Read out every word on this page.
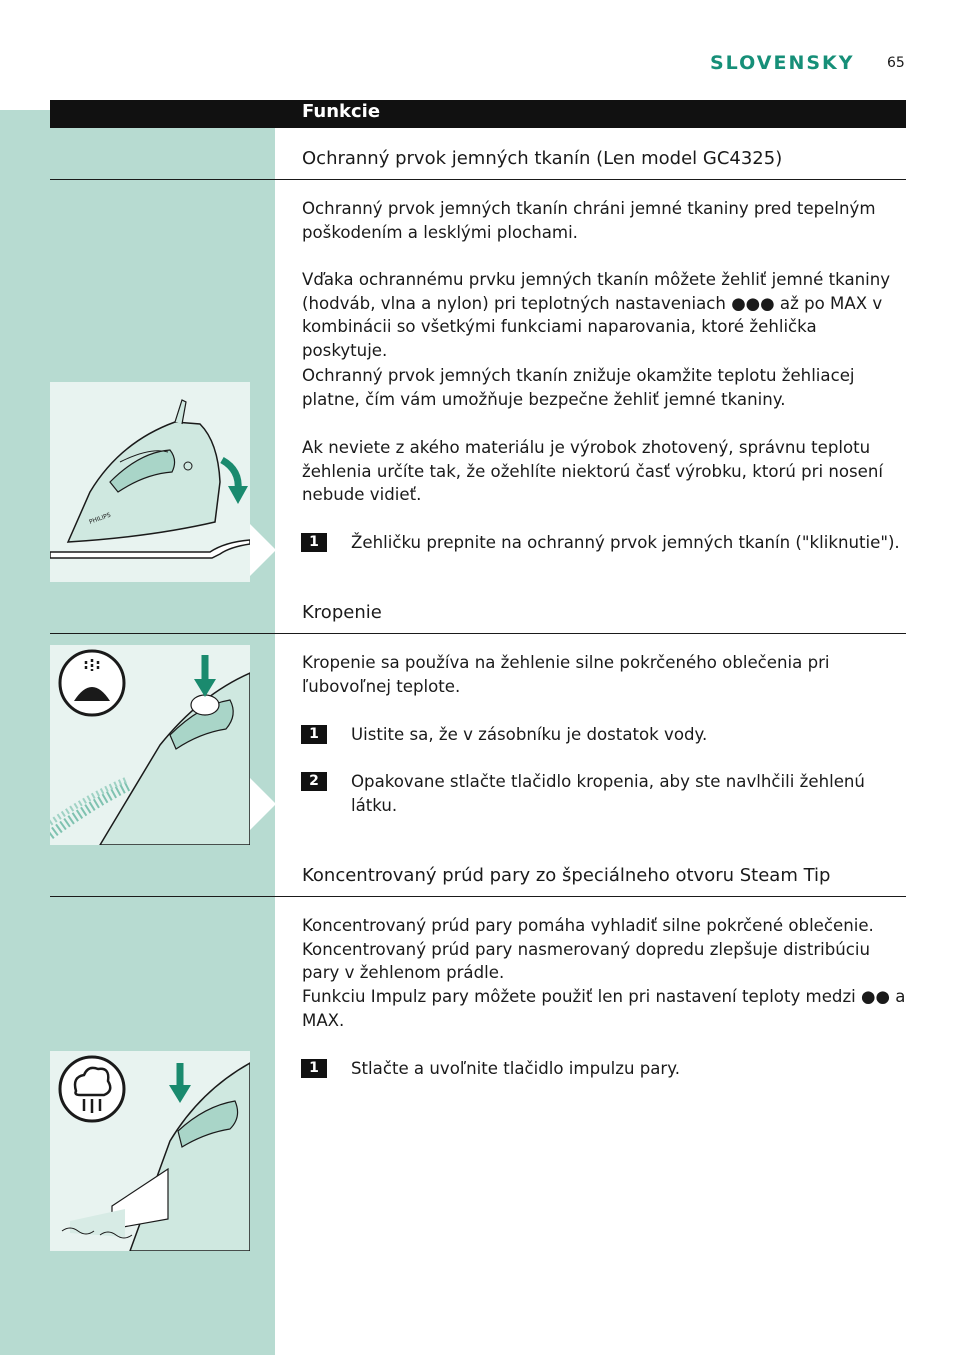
SLOVENSKY 65
Funkcie
Ochranný prvok jemných tkanín (Len model GC4325)
Ochranný prvok jemných tkanín chráni jemné tkaniny pred tepelným poškodením a lesklými plochami.
Vďaka ochrannému prvku jemných tkanín môžete žehliť jemné tkaniny (hodváb, vlna a nylon) pri teplotných nastaveniach ●●● až po MAX v kombinácii so všetkými funkciami naparovania, ktoré žehlička poskytuje.
Ochranný prvok jemných tkanín znižuje okamžite teplotu žehliacej platne, čím vám umožňuje bezpečne žehliť jemné tkaniny.
Ak neviete z akého materiálu je výrobok zhotovený, správnu teplotu žehlenia určíte tak, že ožehlíte niektorú časť výrobku, ktorú pri nosení nebude vidieť.
1	Žehličku prepnite na ochranný prvok jemných tkanín ("kliknutie").
PHILIPS
Kropenie
Kropenie sa používa na žehlenie silne pokrčeného oblečenia pri ľubovoľnej teplote.
1	Uistite sa, že v zásobníku je dostatok vody.
2	Opakovane stlačte tlačidlo kropenia, aby ste navlhčili žehlenú látku.
Koncentrovaný prúd pary zo špeciálneho otvoru Steam Tip
Koncentrovaný prúd pary pomáha vyhladiť silne pokrčené oblečenie. Koncentrovaný prúd pary nasmerovaný dopredu zlepšuje distribúciu pary v žehlenom prádle.
Funkciu Impulz pary môžete použiť len pri nastavení teploty medzi ●● a MAX.
1	Stlačte a uvoľnite tlačidlo impulzu pary.
